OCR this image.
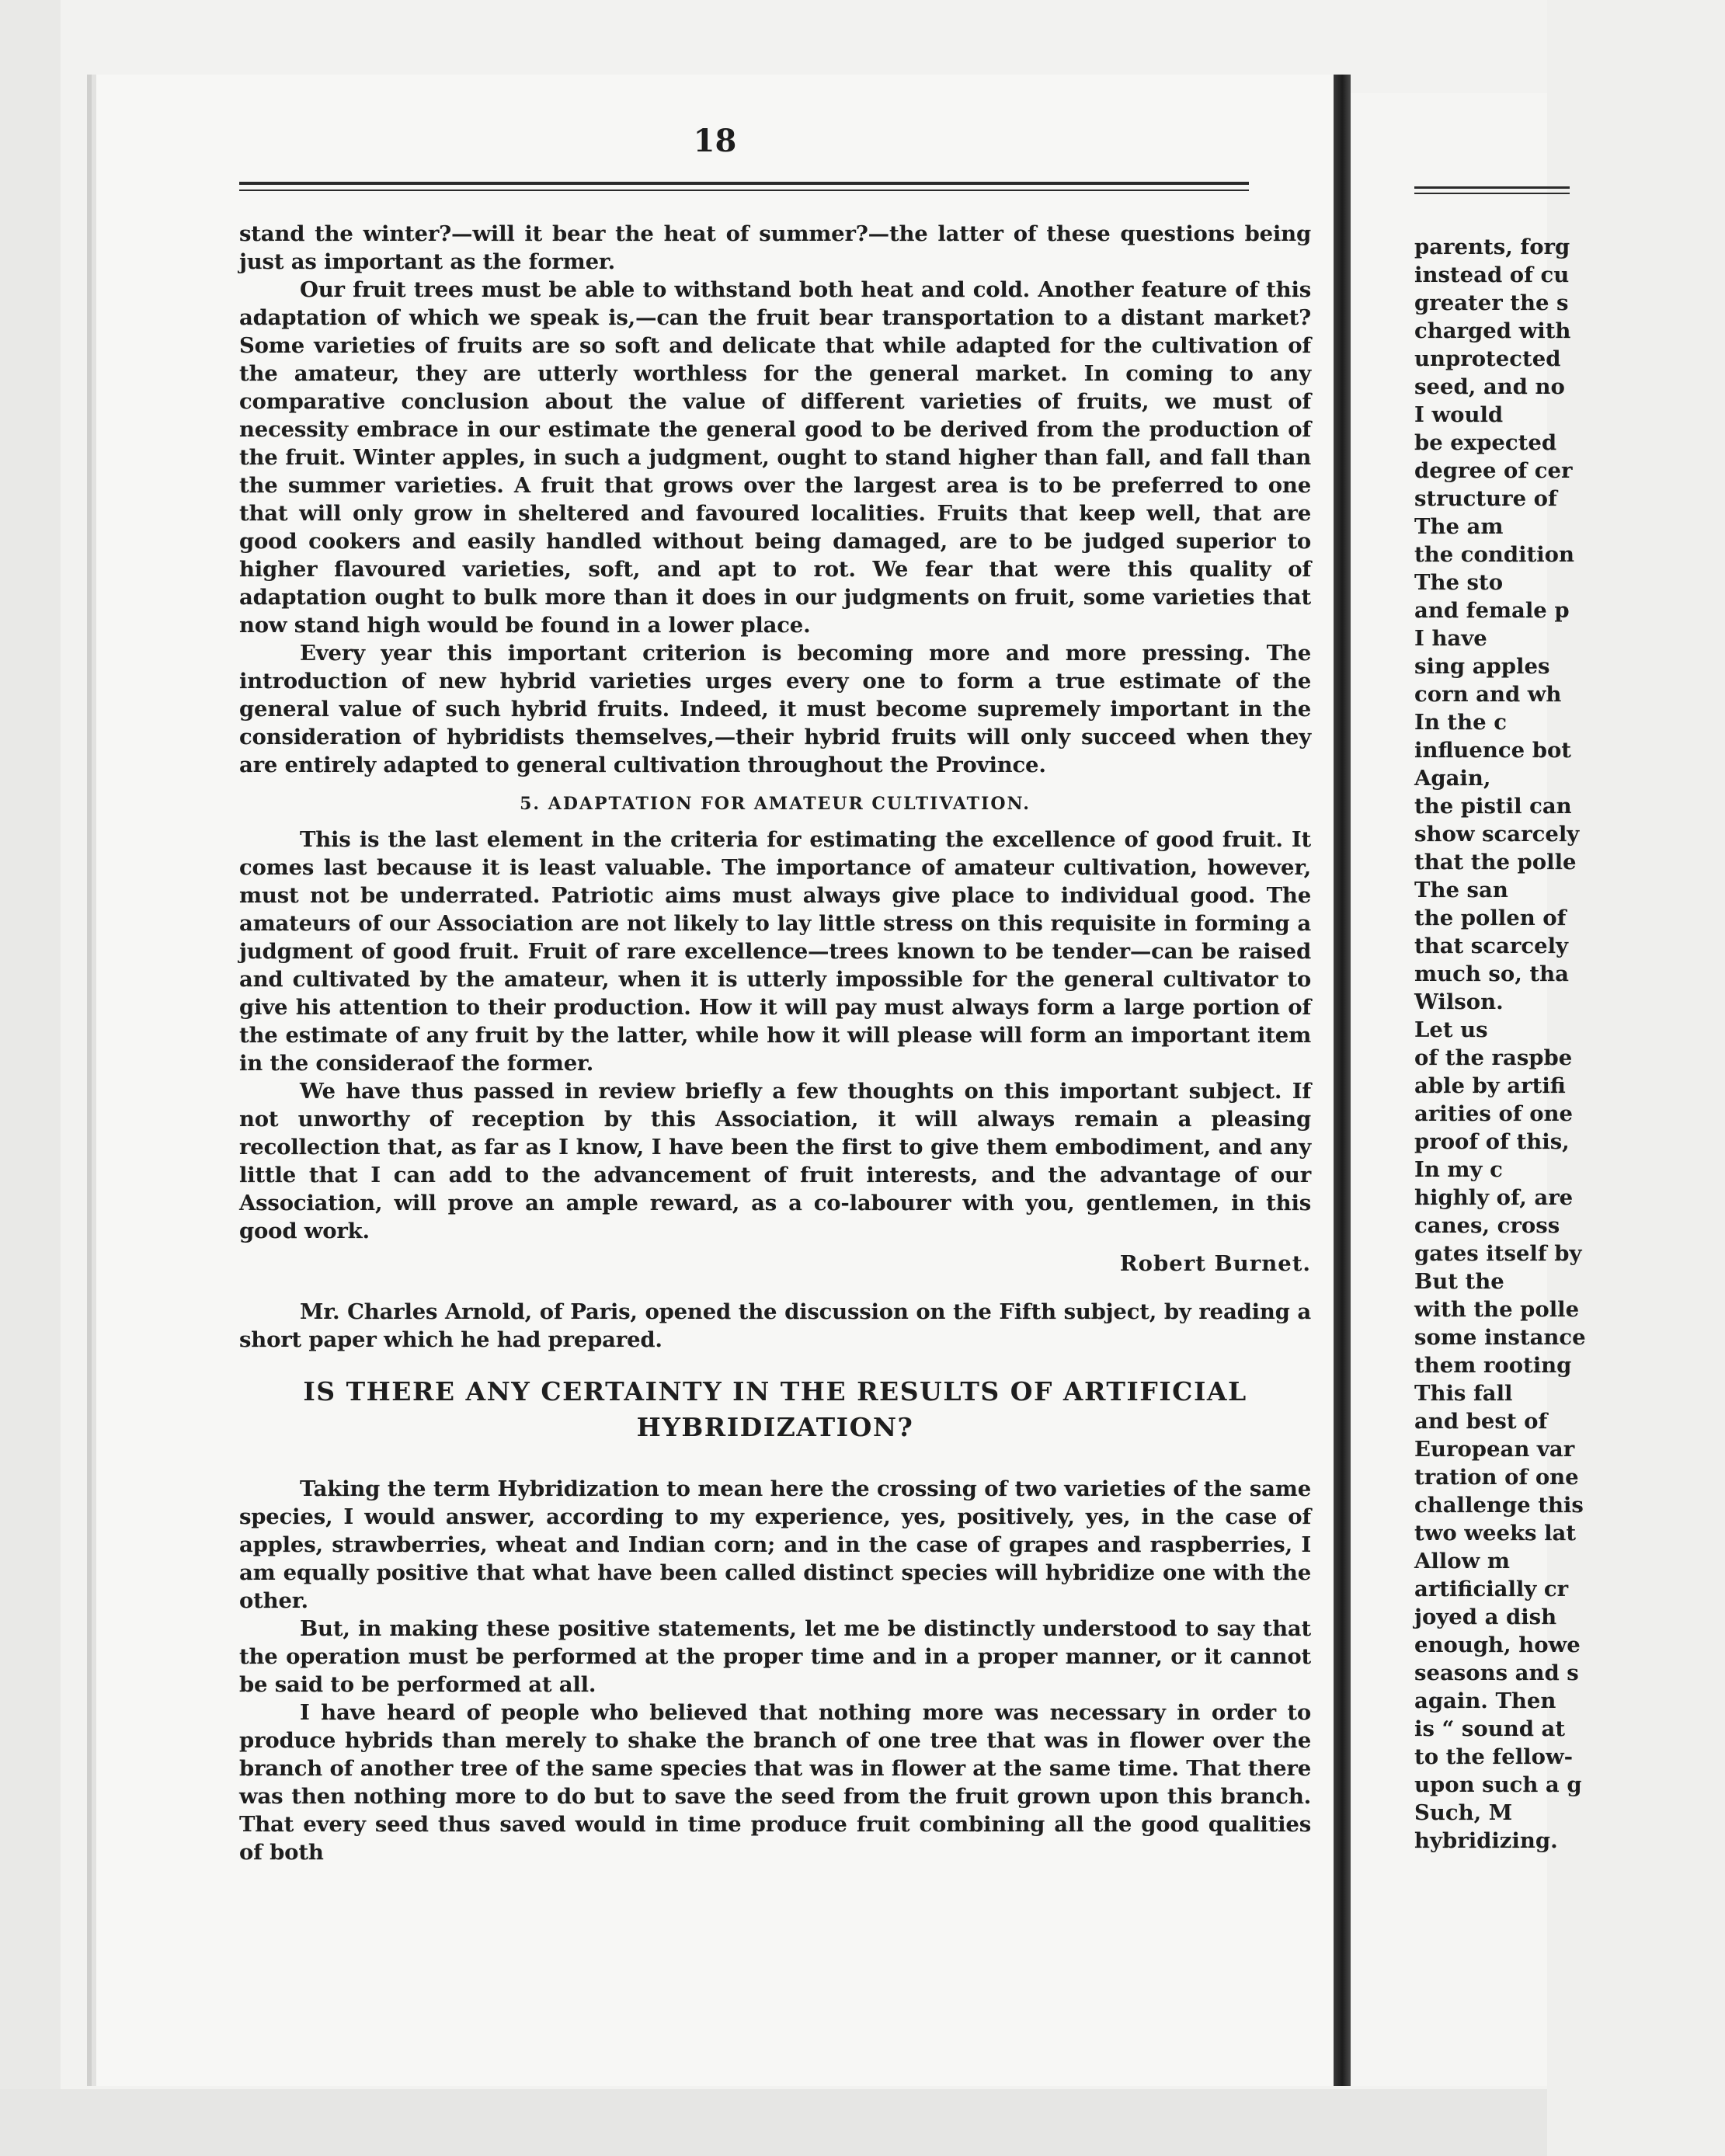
18

stand the winter?—will it bear the heat of summer?—the latter of these questions being just as important as the former.

Our fruit trees must be able to withstand both heat and cold. Another feature of this adaptation of which we speak is,—can the fruit bear transportation to a distant market? Some varieties of fruits are so soft and delicate that while adapted for the cultivation of the amateur, they are utterly worthless for the general market. In coming to any comparative conclusion about the value of different varieties of fruits, we must of necessity embrace in our estimate the general good to be derived from the production of the fruit. Winter apples, in such a judgment, ought to stand higher than fall, and fall than the summer varieties. A fruit that grows over the largest area is to be preferred to one that will only grow in sheltered and favoured localities. Fruits that keep well, that are good cookers and easily handled without being damaged, are to be judged superior to higher flavoured varieties, soft, and apt to rot. We fear that were this quality of adaptation ought to bulk more than it does in our judgments on fruit, some varieties that now stand high would be found in a lower place.

Every year this important criterion is becoming more and more pressing. The introduction of new hybrid varieties urges every one to form a true estimate of the general value of such hybrid fruits. Indeed, it must become supremely important in the consideration of hybridists themselves,—their hybrid fruits will only succeed when they are entirely adapted to general cultivation throughout the Province.

5. ADAPTATION FOR AMATEUR CULTIVATION.

This is the last element in the criteria for estimating the excellence of good fruit. It comes last because it is least valuable. The importance of amateur cultivation, however, must not be underrated. Patriotic aims must always give place to individual good. The amateurs of our Association are not likely to lay little stress on this requisite in forming a judgment of good fruit. Fruit of rare excellence—trees known to be tender—can be raised and cultivated by the amateur, when it is utterly impossible for the general cultivator to give his attention to their production. How it will pay must always form a large portion of the estimate of any fruit by the latter, while how it will please will form an important item in the consideraof the former.

We have thus passed in review briefly a few thoughts on this important subject. If not unworthy of reception by this Association, it will always remain a pleasing recollection that, as far as I know, I have been the first to give them embodiment, and any little that I can add to the advancement of fruit interests, and the advantage of our Association, will prove an ample reward, as a co-labourer with you, gentlemen, in this good work.

Robert Burnet.

Mr. Charles Arnold, of Paris, opened the discussion on the Fifth subject, by reading a short paper which he had prepared.

IS THERE ANY CERTAINTY IN THE RESULTS OF ARTIFICIAL
HYBRIDIZATION?

Taking the term Hybridization to mean here the crossing of two varieties of the same species, I would answer, according to my experience, yes, positively, yes, in the case of apples, strawberries, wheat and Indian corn; and in the case of grapes and raspberries, I am equally positive that what have been called distinct species will hybridize one with the other.

But, in making these positive statements, let me be distinctly understood to say that the operation must be performed at the proper time and in a proper manner, or it cannot be said to be performed at all.

I have heard of people who believed that nothing more was necessary in order to produce hybrids than merely to shake the branch of one tree that was in flower over the branch of another tree of the same species that was in flower at the same time. That there was then nothing more to do but to save the seed from the fruit grown upon this branch. That every seed thus saved would in time produce fruit combining all the good qualities of both

parents, forg
instead of cu
greater the s
charged with
unprotected
seed, and no
I would
be expected
degree of cer
structure of
The am
the condition
The sto
and female p
I have
sing apples
corn and wh
In the c
influence bot
Again,
the pistil can
show scarcely
that the polle
The san
the pollen of
that scarcely
much so, tha
Wilson.
Let us
of the raspbe
able by artifi
arities of one
proof of this,
In my c
highly of, are
canes, cross
gates itself by
But the
with the polle
some instance
them rooting
This fall
and best of
European var
tration of one
challenge this
two weeks lat
Allow m
artificially cr
joyed a dish
enough, howe
seasons and s
again. Then
is “ sound at
to the fellow-
upon such a g
Such, M
hybridizing.
